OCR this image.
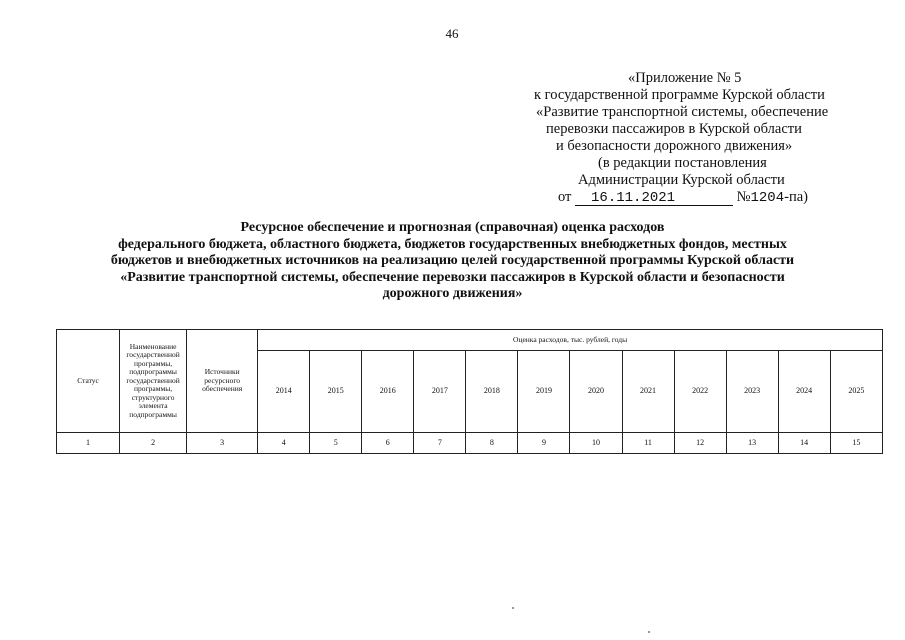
46
«Приложение № 5
к государственной программе Курской области
«Развитие транспортной системы, обеспечение
перевозки пассажиров в Курской области
и безопасности дорожного движения»
(в редакции постановления
Администрации Курской области
от 16.11.2021	№1204-па)
Ресурсное обеспечение и прогнозная (справочная) оценка расходов
федерального бюджета, областного бюджета, бюджетов государственных внебюджетных фондов, местных
бюджетов и внебюджетных источников на реализацию целей государственной программы Курской области
«Развитие транспортной системы, обеспечение перевозки пассажиров в Курской области и безопасности
дорожного движения»
Статус	Наименование государственной программы, подпрограммы государственной программы, структурного элемента подпрограммы	Источники ресурсного обеспечения	Оценка расходов, тыс. рублей, годы											
			2014	2015	2016	2017	2018	2019	2020	2021	2022	2023	2024	2025
1	2	3	4	5	6	7	8	9	10	11	12	13	14	15
